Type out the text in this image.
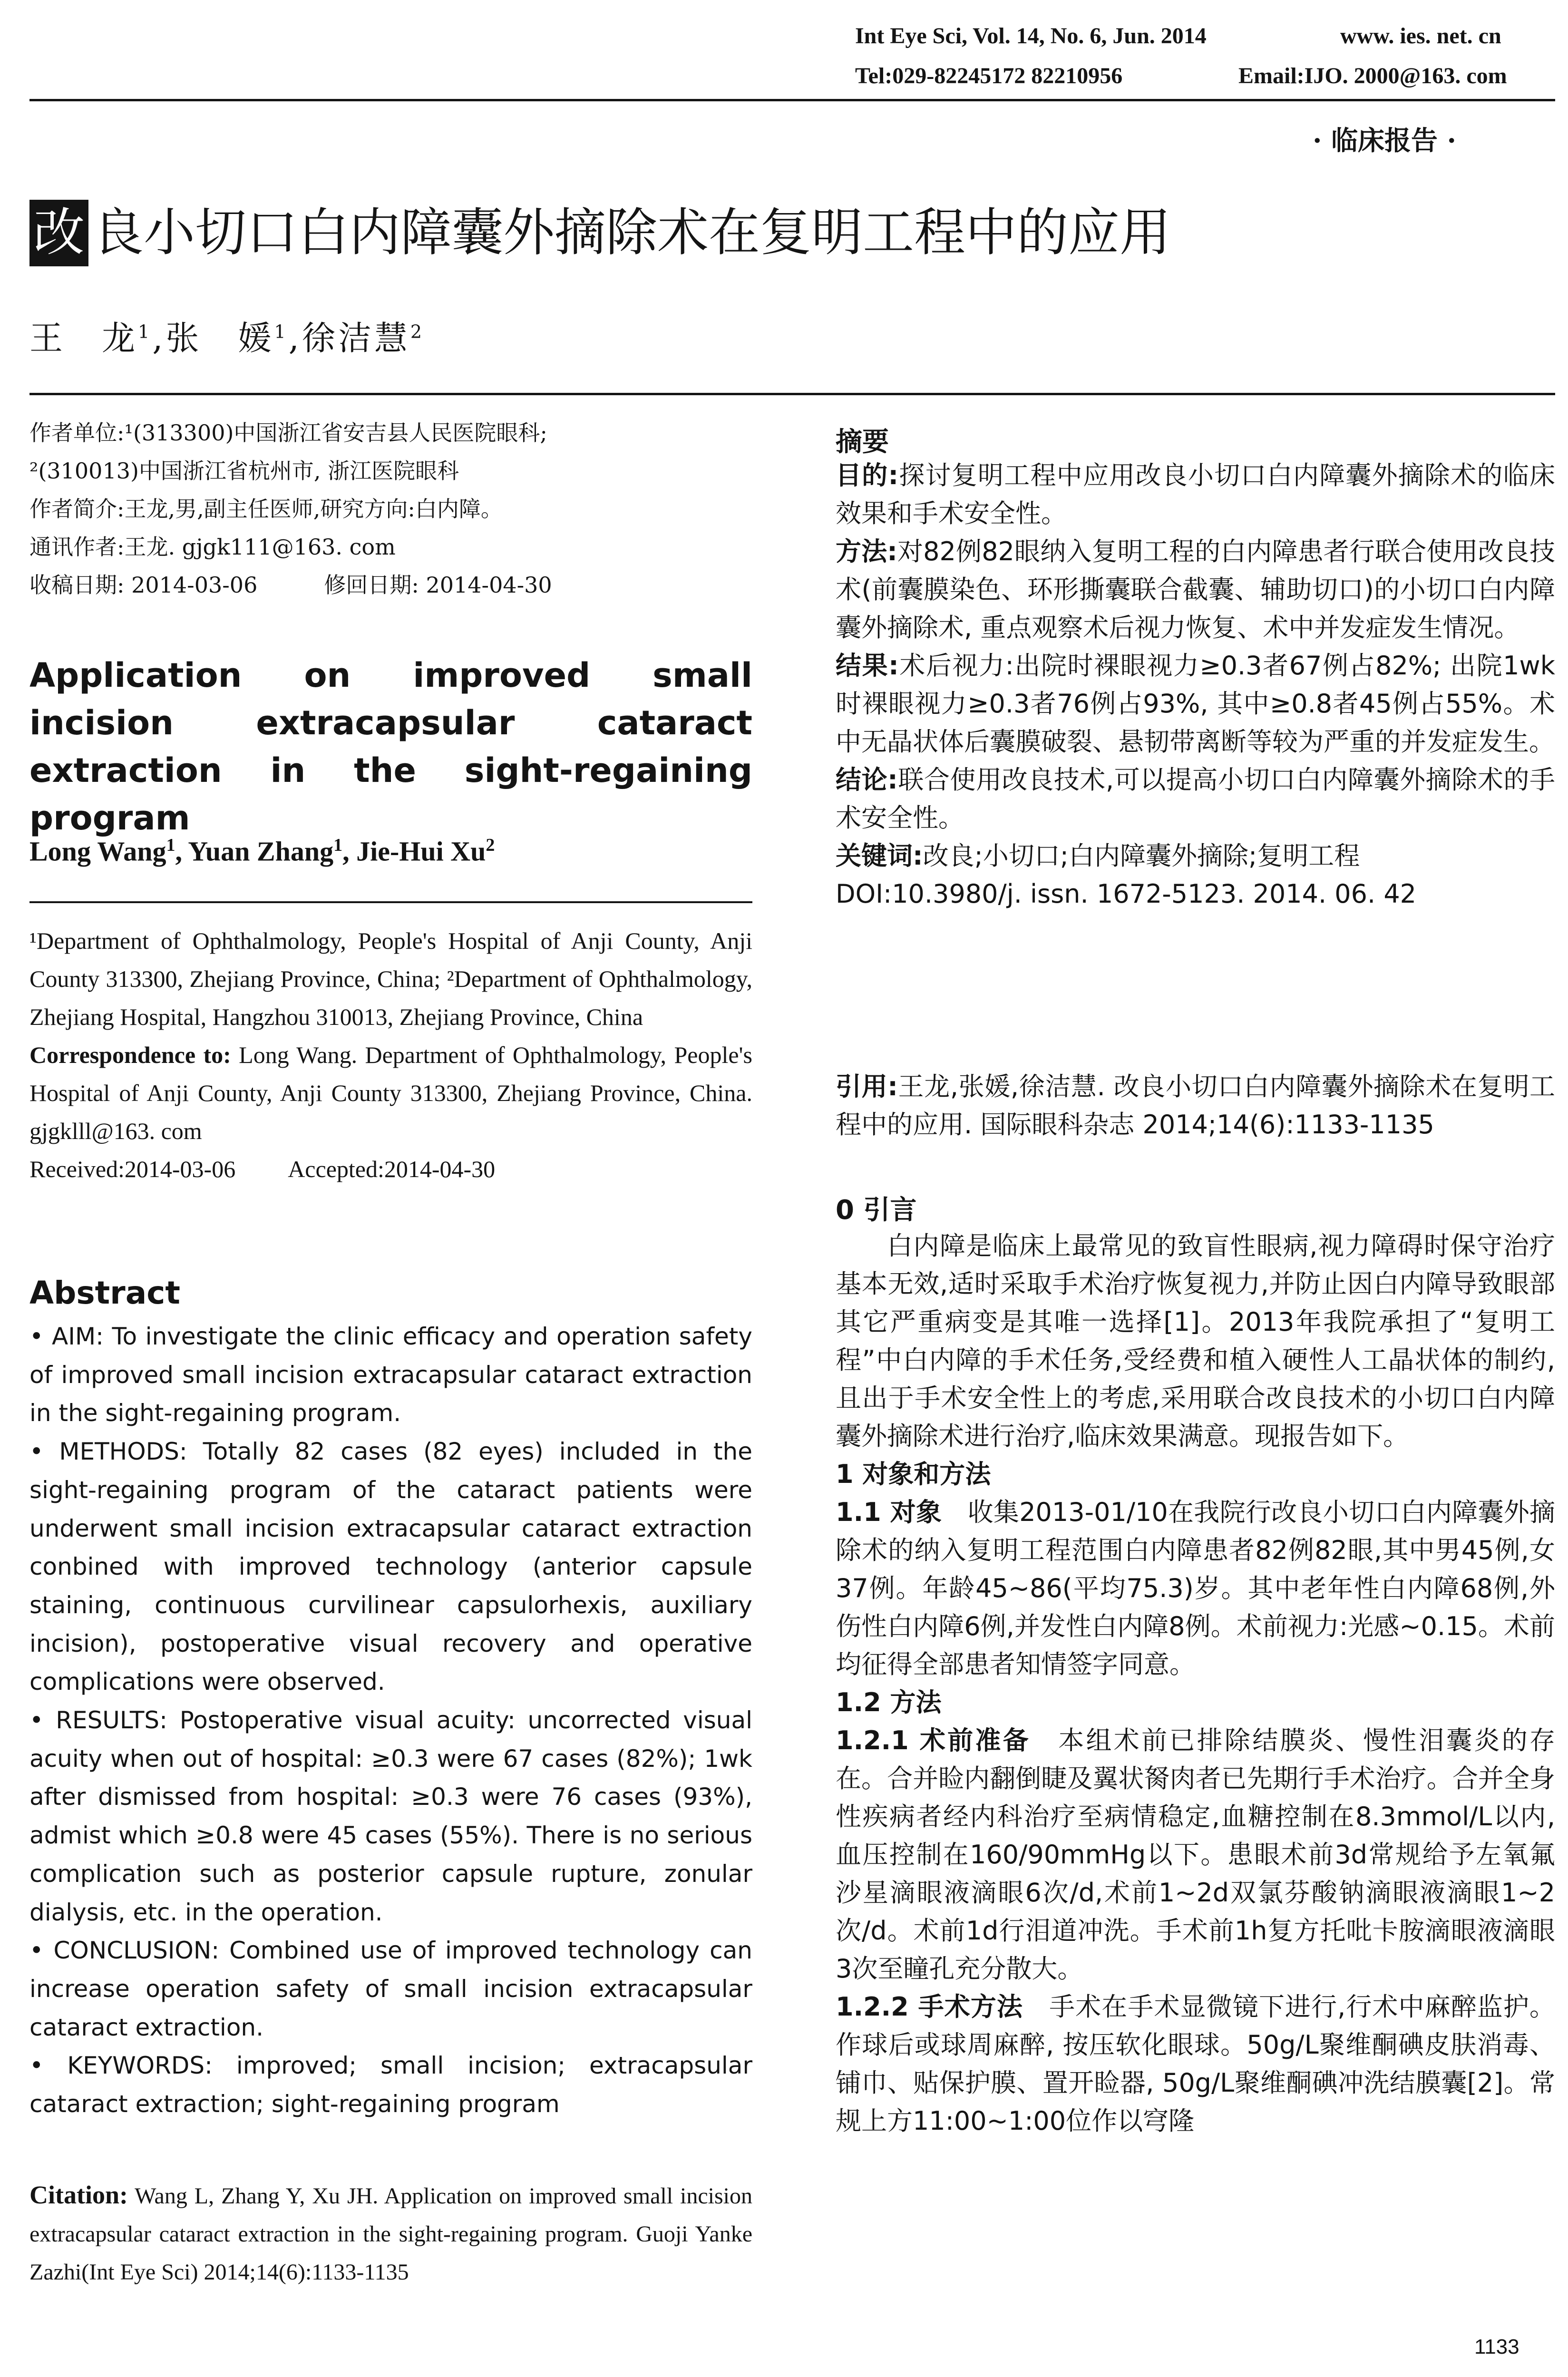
Int Eye Sci, Vol. 14, No. 6, Jun. 2014	www. ies. net. cn
Tel:029-82245172 82210956	Email:IJO. 2000@163. com
· 临床报告 ·
改 良小切口白内障囊外摘除术在复明工程中的应用
王　龙$^1$,张　媛$^1$,徐洁慧$^2$
作者单位:¹(313300)中国浙江省安吉县人民医院眼科;
²(310013)中国浙江省杭州市, 浙江医院眼科
作者简介:王龙,男,副主任医师,研究方向:白内障。
通讯作者:王龙. gjgk111@163. com
收稿日期: 2014-03-06	修回日期: 2014-04-30
Application on improved small incision extracapsular cataract extraction in the sight-regaining program
Long Wang$^1$, Yuan Zhang$^1$, Jie-Hui Xu$^2$
¹Department of Ophthalmology, People's Hospital of Anji County, Anji County 313300, Zhejiang Province, China; ²Department of Ophthalmology, Zhejiang Hospital, Hangzhou 310013, Zhejiang Province, China
Correspondence to: Long Wang. Department of Ophthalmology, People's Hospital of Anji County, Anji County 313300, Zhejiang Province, China. gjgklll@163. com
Received:2014-03-06 Accepted:2014-04-30
Abstract

• AIM: To investigate the clinic efficacy and operation safety of improved small incision extracapsular cataract extraction in the sight-regaining program.

• METHODS: Totally 82 cases (82 eyes) included in the sight-regaining program of the cataract patients were underwent small incision extracapsular cataract extraction conbined with improved technology (anterior capsule staining, continuous curvilinear capsulorhexis, auxiliary incision), postoperative visual recovery and operative complications were observed.

• RESULTS: Postoperative visual acuity: uncorrected visual acuity when out of hospital: ≥0.3 were 67 cases (82%); 1wk after dismissed from hospital: ≥0.3 were 76 cases (93%), admist which ≥0.8 were 45 cases (55%). There is no serious complication such as posterior capsule rupture, zonular dialysis, etc. in the operation.

• CONCLUSION: Combined use of improved technology can increase operation safety of small incision extracapsular cataract extraction.

• KEYWORDS: improved; small incision; extracapsular cataract extraction; sight-regaining program

Citation: Wang L, Zhang Y, Xu JH. Application on improved small incision extracapsular cataract extraction in the sight-regaining program. Guoji Yanke Zazhi(Int Eye Sci) 2014;14(6):1133-1135
摘要

目的:探讨复明工程中应用改良小切口白内障囊外摘除术的临床效果和手术安全性。

方法:对82例82眼纳入复明工程的白内障患者行联合使用改良技术(前囊膜染色、环形撕囊联合截囊、辅助切口)的小切口白内障囊外摘除术, 重点观察术后视力恢复、术中并发症发生情况。

结果:术后视力:出院时裸眼视力≥0.3者67例占82%; 出院1wk时裸眼视力≥0.3者76例占93%, 其中≥0.8者45例占55%。术中无晶状体后囊膜破裂、悬韧带离断等较为严重的并发症发生。

结论:联合使用改良技术,可以提高小切口白内障囊外摘除术的手术安全性。

关键词:改良;小切口;白内障囊外摘除;复明工程

DOI:10.3980/j. issn. 1672-5123. 2014. 06. 42

引用:王龙,张媛,徐洁慧. 改良小切口白内障囊外摘除术在复明工程中的应用. 国际眼科杂志 2014;14(6):1133-1135
0 引言

白内障是临床上最常见的致盲性眼病,视力障碍时保守治疗基本无效,适时采取手术治疗恢复视力,并防止因白内障导致眼部其它严重病变是其唯一选择[1]。2013年我院承担了“复明工程”中白内障的手术任务,受经费和植入硬性人工晶状体的制约,且出于手术安全性上的考虑,采用联合改良技术的小切口白内障囊外摘除术进行治疗,临床效果满意。现报告如下。

1 对象和方法

1.1 对象　 收集2013-01/10在我院行改良小切口白内障囊外摘除术的纳入复明工程范围白内障患者82例82眼,其中男45例,女37例。年龄45~86(平均75.3)岁。其中老年性白内障68例,外伤性白内障6例,并发性白内障8例。术前视力:光感~0.15。术前均征得全部患者知情签字同意。

1.2 方法

1.2.1 术前准备　 本组术前已排除结膜炎、慢性泪囊炎的存在。合并睑内翻倒睫及翼状胬肉者已先期行手术治疗。合并全身性疾病者经内科治疗至病情稳定,血糖控制在8.3mmol/L以内, 血压控制在160/90mmHg以下。患眼术前3d常规给予左氧氟沙星滴眼液滴眼6次/d,术前1~2d双氯芬酸钠滴眼液滴眼1~2次/d。术前1d行泪道冲洗。手术前1h复方托吡卡胺滴眼液滴眼3次至瞳孔充分散大。

1.2.2 手术方法　 手术在手术显微镜下进行,行术中麻醉监护。作球后或球周麻醉, 按压软化眼球。50g/L聚维酮碘皮肤消毒、铺巾、贴保护膜、置开睑器, 50g/L聚维酮碘冲洗结膜囊[2]。常规上方11:00~1:00位作以穹隆

1133
